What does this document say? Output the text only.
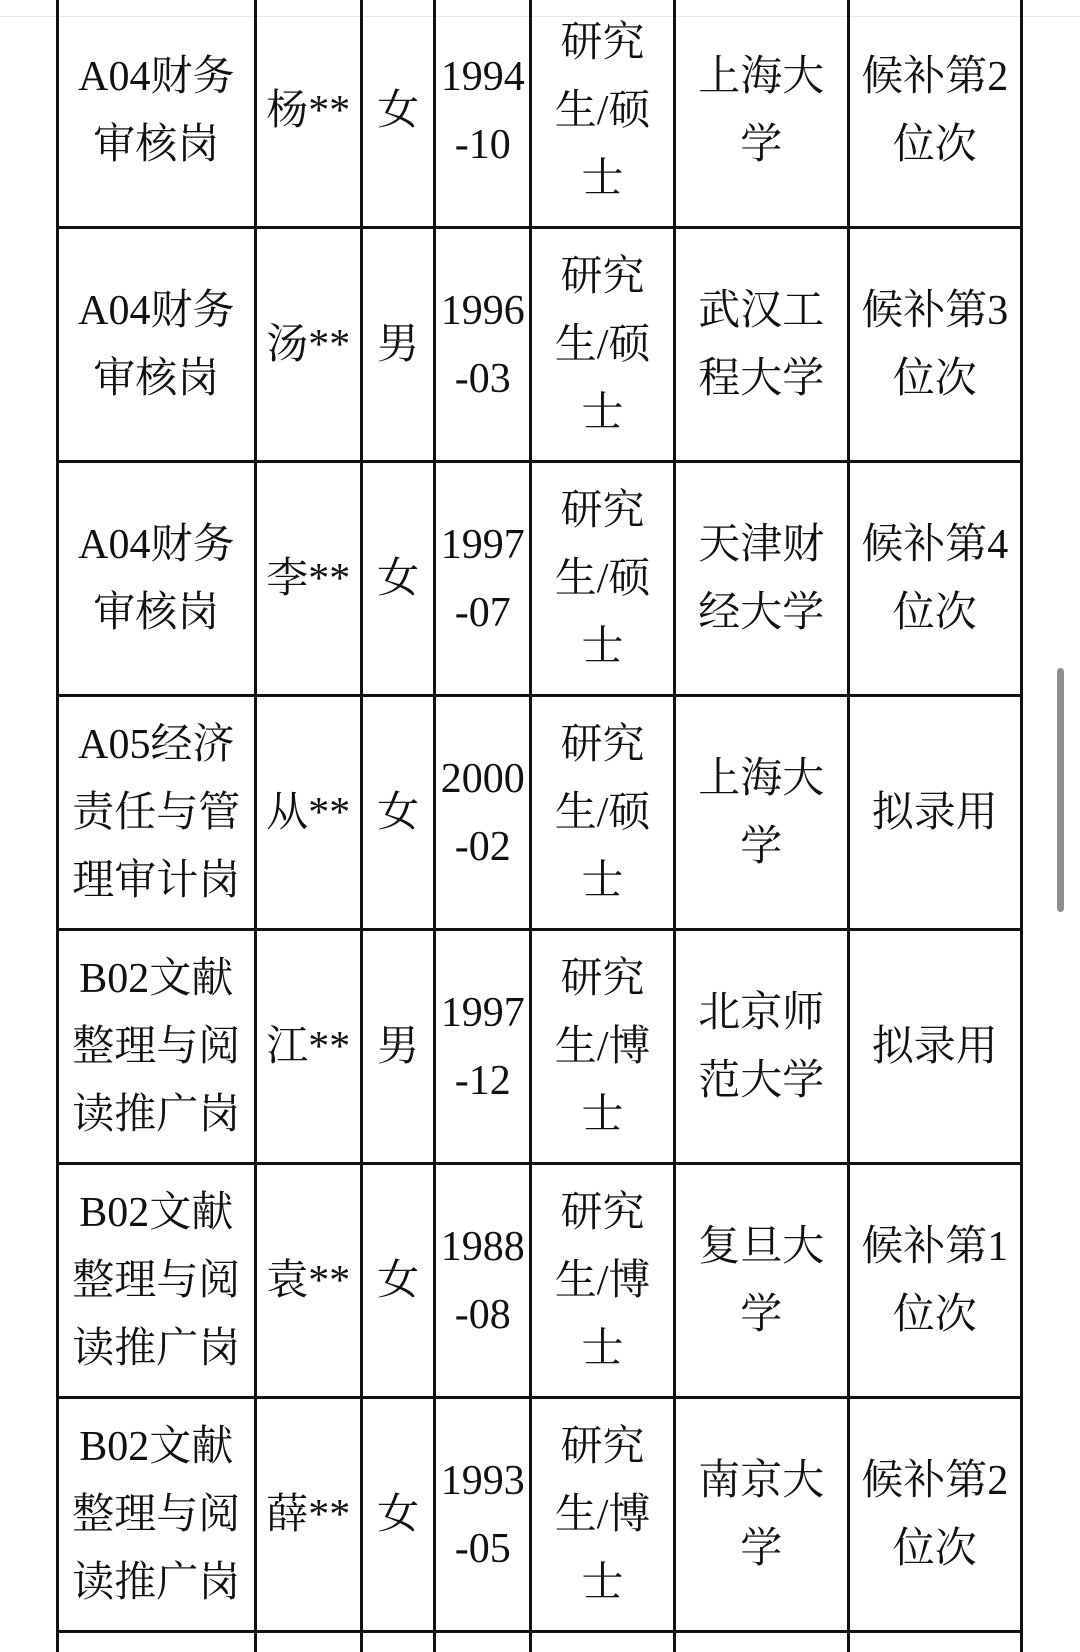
A04财务审核岗	杨**	女	1994-10	研究生/硕士	上海大学	候补第2位次
A04财务审核岗	汤**	男	1996-03	研究生/硕士	武汉工程大学	候补第3位次
A04财务审核岗	李**	女	1997-07	研究生/硕士	天津财经大学	候补第4位次
A05经济责任与管理审计岗	从**	女	2000-02	研究生/硕士	上海大学	拟录用
B02文献整理与阅读推广岗	江**	男	1997-12	研究生/博士	北京师范大学	拟录用
B02文献整理与阅读推广岗	袁**	女	1988-08	研究生/博士	复旦大学	候补第1位次
B02文献整理与阅读推广岗	薛**	女	1993-05	研究生/博士	南京大学	候补第2位次
